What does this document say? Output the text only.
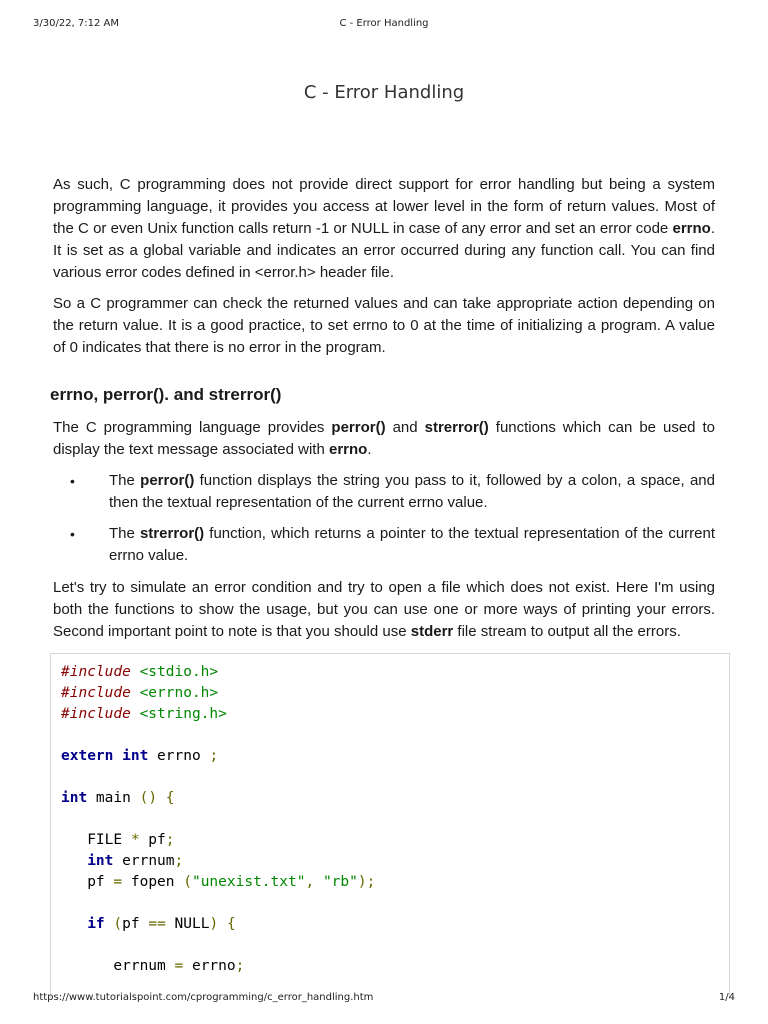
3/30/22, 7:12 AM	C - Error Handling
C - Error Handling

As such, C programming does not provide direct support for error handling but being a system programming language, it provides you access at lower level in the form of return values. Most of the C or even Unix function calls return -1 or NULL in case of any error and set an error code errno. It is set as a global variable and indicates an error occurred during any function call. You can find various error codes defined in <error.h> header file.

So a C programmer can check the returned values and can take appropriate action depending on the return value. It is a good practice, to set errno to 0 at the time of initializing a program. A value of 0 indicates that there is no error in the program.

errno, perror(). and strerror()

The C programming language provides perror() and strerror() functions which can be used to display the text message associated with errno.

• The perror() function displays the string you pass to it, followed by a colon, a space, and then the textual representation of the current errno value.
• The strerror() function, which returns a pointer to the textual representation of the current errno value.

Let's try to simulate an error condition and try to open a file which does not exist. Here I'm using both the functions to show the usage, but you can use one or more ways of printing your errors. Second important point to note is that you should use stderr file stream to output all the errors.

#include <stdio.h>
#include <errno.h>
#include <string.h>

extern int errno ;

int main () {

FILE * pf;
int errnum;
pf = fopen ("unexist.txt", "rb");

if (pf == NULL) {

errnum = errno;

https://www.tutorialspoint.com/cprogramming/c_error_handling.htm	1/4
